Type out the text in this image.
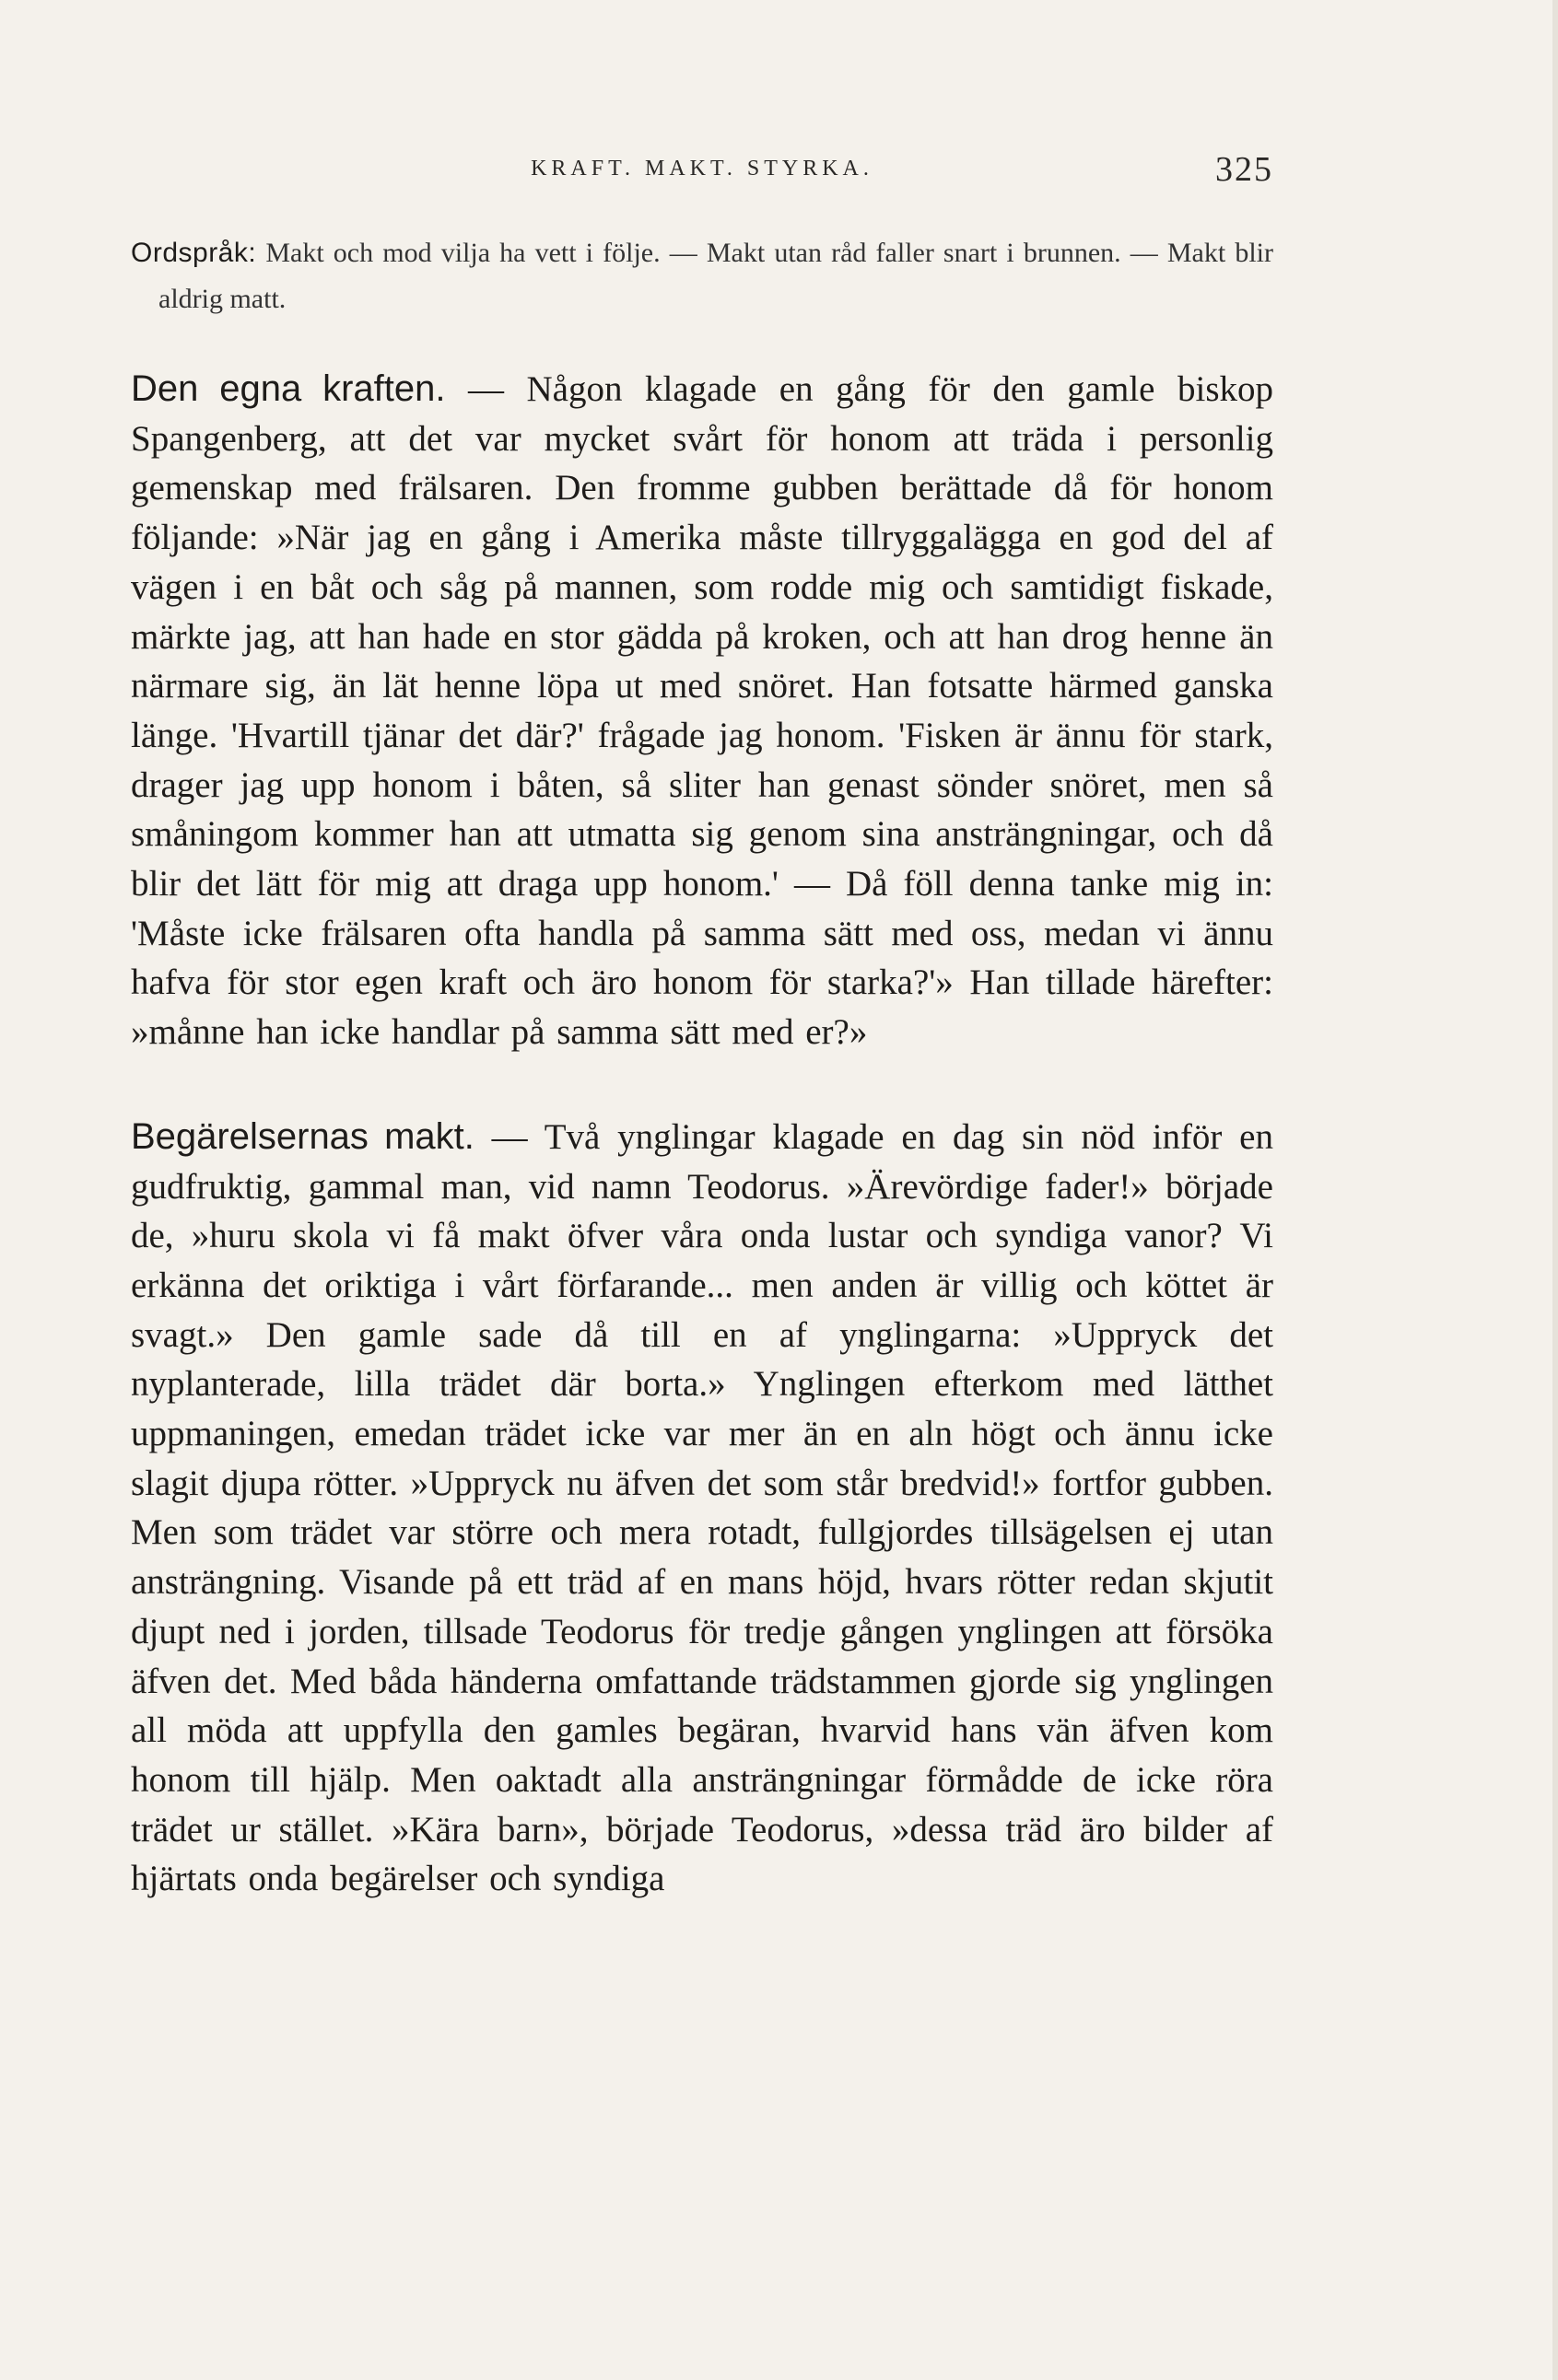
KRAFT. MAKT. STYRKA.	325

Ordspråk: Makt och mod vilja ha vett i följe. — Makt utan råd faller snart i brunnen. — Makt blir aldrig matt.

Den egna kraften. — Någon klagade en gång för den gamle biskop Spangenberg, att det var mycket svårt för honom att träda i personlig gemenskap med frälsaren. Den fromme gubben berättade då för honom följande: »När jag en gång i Amerika måste tillryggalägga en god del af vägen i en båt och såg på mannen, som rodde mig och samtidigt fiskade, märkte jag, att han hade en stor gädda på kroken, och att han drog henne än närmare sig, än lät henne löpa ut med snöret. Han fotsatte härmed ganska länge. 'Hvartill tjänar det där?' frågade jag honom. 'Fisken är ännu för stark, drager jag upp honom i båten, så sliter han genast sönder snöret, men så småningom kommer han att utmatta sig genom sina ansträngningar, och då blir det lätt för mig att draga upp honom.' — Då föll denna tanke mig in: 'Måste icke frälsaren ofta handla på samma sätt med oss, medan vi ännu hafva för stor egen kraft och äro honom för starka?'» Han tillade härefter: »månne han icke handlar på samma sätt med er?»

Begärelsernas makt. — Två ynglingar klagade en dag sin nöd inför en gudfruktig, gammal man, vid namn Teodorus. »Ärevördige fader!» började de, »huru skola vi få makt öfver våra onda lustar och syndiga vanor? Vi erkänna det oriktiga i vårt förfarande... men anden är villig och köttet är svagt.» Den gamle sade då till en af ynglingarna: »Uppryck det nyplanterade, lilla trädet där borta.» Ynglingen efterkom med lätthet uppmaningen, emedan trädet icke var mer än en aln högt och ännu icke slagit djupa rötter. »Uppryck nu äfven det som står bredvid!» fortfor gubben. Men som trädet var större och mera rotadt, fullgjordes tillsägelsen ej utan ansträngning. Visande på ett träd af en mans höjd, hvars rötter redan skjutit djupt ned i jorden, tillsade Teodorus för tredje gången ynglingen att försöka äfven det. Med båda händerna omfattande trädstammen gjorde sig ynglingen all möda att uppfylla den gamles begäran, hvarvid hans vän äfven kom honom till hjälp. Men oaktadt alla ansträngningar förmådde de icke röra trädet ur stället. »Kära barn», började Teodorus, »dessa träd äro bilder af hjärtats onda begärelser och syndiga
